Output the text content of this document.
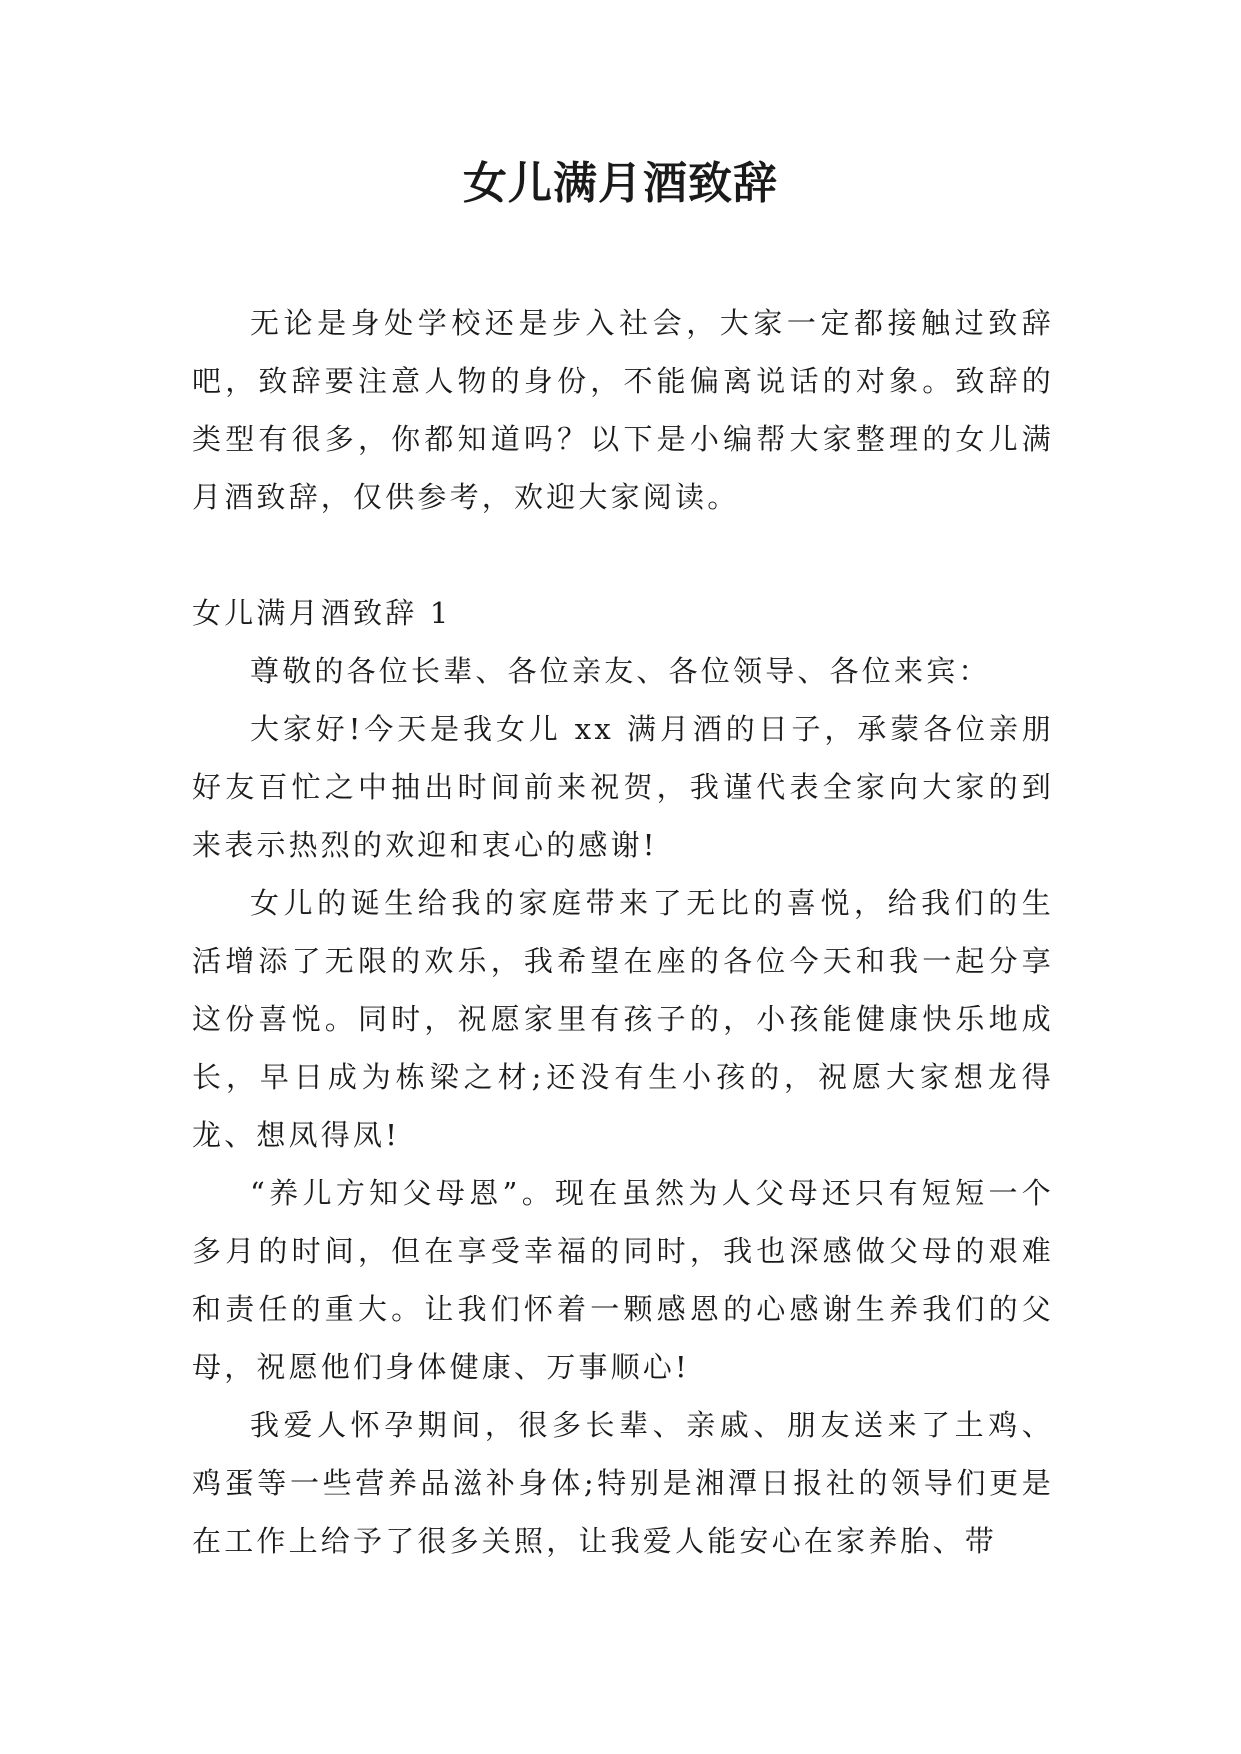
女儿满月酒致辞

无论是身处学校还是步入社会，大家一定都接触过致辞吧，致辞要注意人物的身份，不能偏离说话的对象。致辞的类型有很多，你都知道吗？以下是小编帮大家整理的女儿满月酒致辞，仅供参考，欢迎大家阅读。

女儿满月酒致辞 1

尊敬的各位长辈、各位亲友、各位领导、各位来宾：

大家好!今天是我女儿 xx 满月酒的日子，承蒙各位亲朋好友百忙之中抽出时间前来祝贺，我谨代表全家向大家的到来表示热烈的欢迎和衷心的感谢!

女儿的诞生给我的家庭带来了无比的喜悦，给我们的生活增添了无限的欢乐，我希望在座的各位今天和我一起分享这份喜悦。同时，祝愿家里有孩子的，小孩能健康快乐地成长，早日成为栋梁之材;还没有生小孩的，祝愿大家想龙得龙、想凤得凤!

“养儿方知父母恩”。现在虽然为人父母还只有短短一个多月的时间，但在享受幸福的同时，我也深感做父母的艰难和责任的重大。让我们怀着一颗感恩的心感谢生养我们的父母，祝愿他们身体健康、万事顺心!

我爱人怀孕期间，很多长辈、亲戚、朋友送来了土鸡、鸡蛋等一些营养品滋补身体;特别是湘潭日报社的领导们更是在工作上给予了很多关照，让我爱人能安心在家养胎、带
